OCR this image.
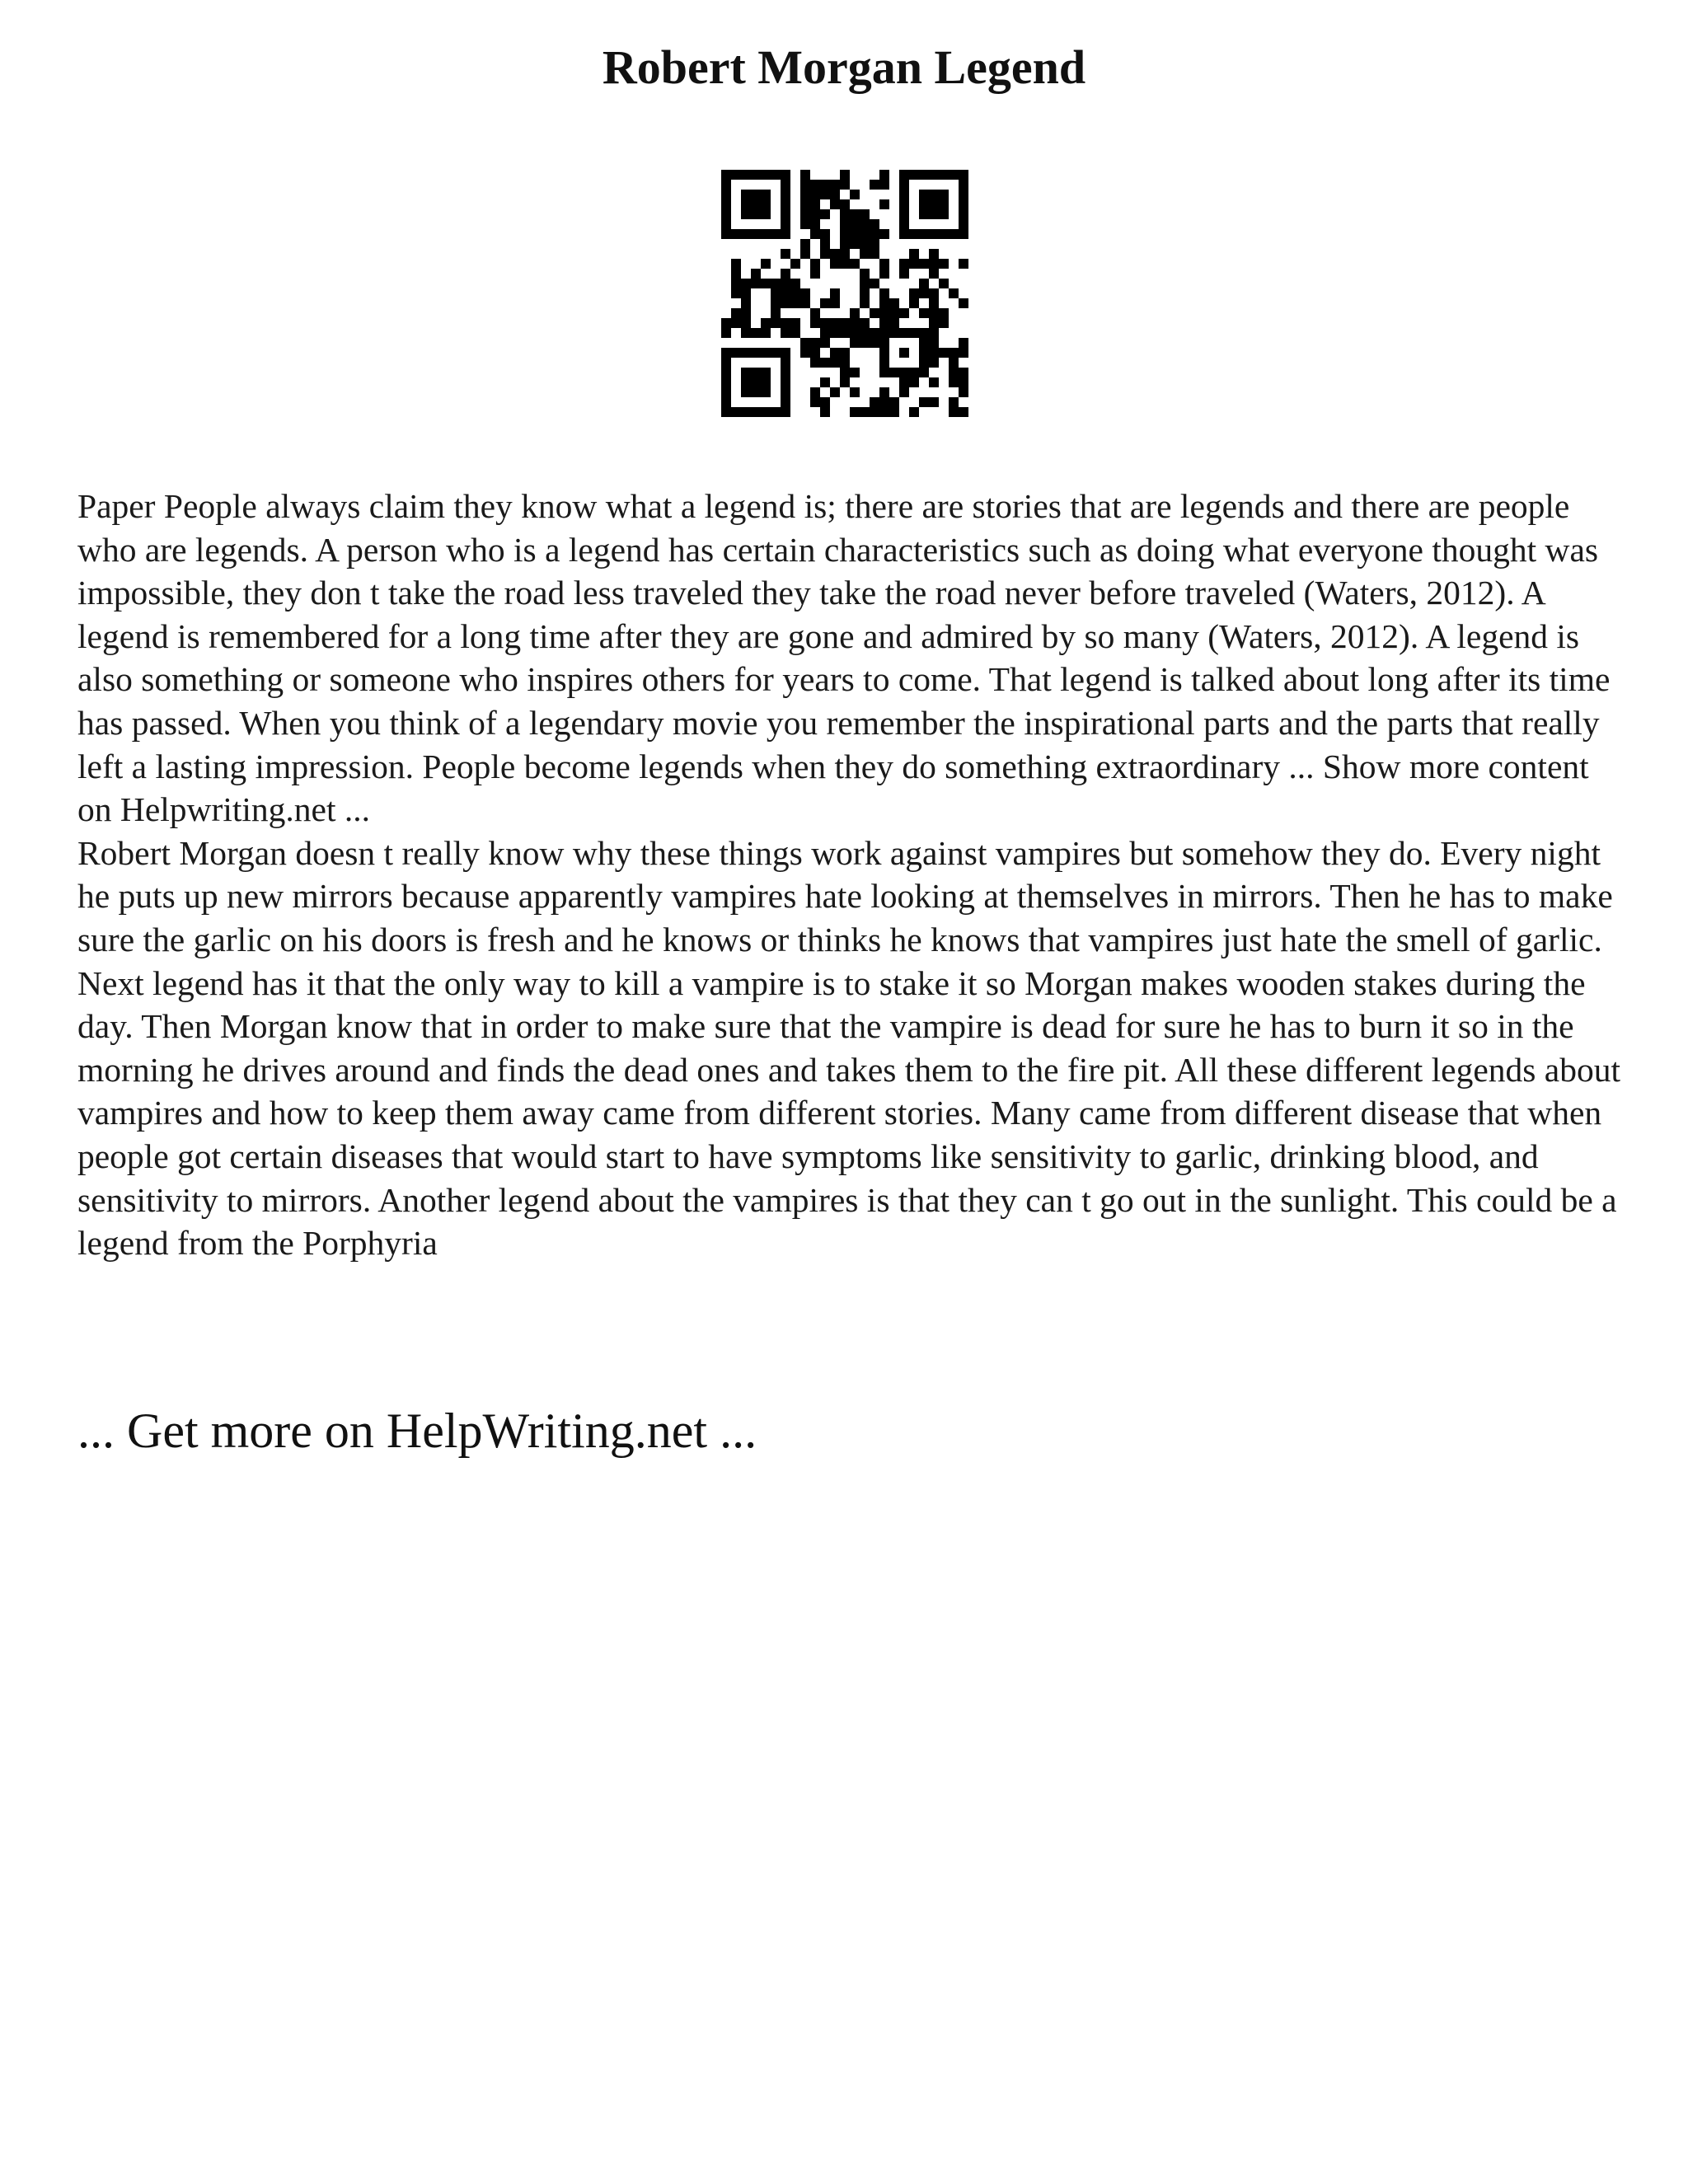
Robert Morgan Legend

Paper People always claim they know what a legend is; there are stories that are legends and there are people who are legends. A person who is a legend has certain characteristics such as doing what everyone thought was impossible, they don t take the road less traveled they take the road never before traveled (Waters, 2012). A legend is remembered for a long time after they are gone and admired by so many (Waters, 2012). A legend is also something or someone who inspires others for years to come. That legend is talked about long after its time has passed. When you think of a legendary movie you remember the inspirational parts and the parts that really left a lasting impression. People become legends when they do something extraordinary ... Show more content on Helpwriting.net ...

Robert Morgan doesn t really know why these things work against vampires but somehow they do. Every night he puts up new mirrors because apparently vampires hate looking at themselves in mirrors. Then he has to make sure the garlic on his doors is fresh and he knows or thinks he knows that vampires just hate the smell of garlic. Next legend has it that the only way to kill a vampire is to stake it so Morgan makes wooden stakes during the day. Then Morgan know that in order to make sure that the vampire is dead for sure he has to burn it so in the morning he drives around and finds the dead ones and takes them to the fire pit. All these different legends about vampires and how to keep them away came from different stories. Many came from different disease that when people got certain diseases that would start to have symptoms like sensitivity to garlic, drinking blood, and sensitivity to mirrors. Another legend about the vampires is that they can t go out in the sunlight. This could be a legend from the Porphyria

... Get more on HelpWriting.net ...
